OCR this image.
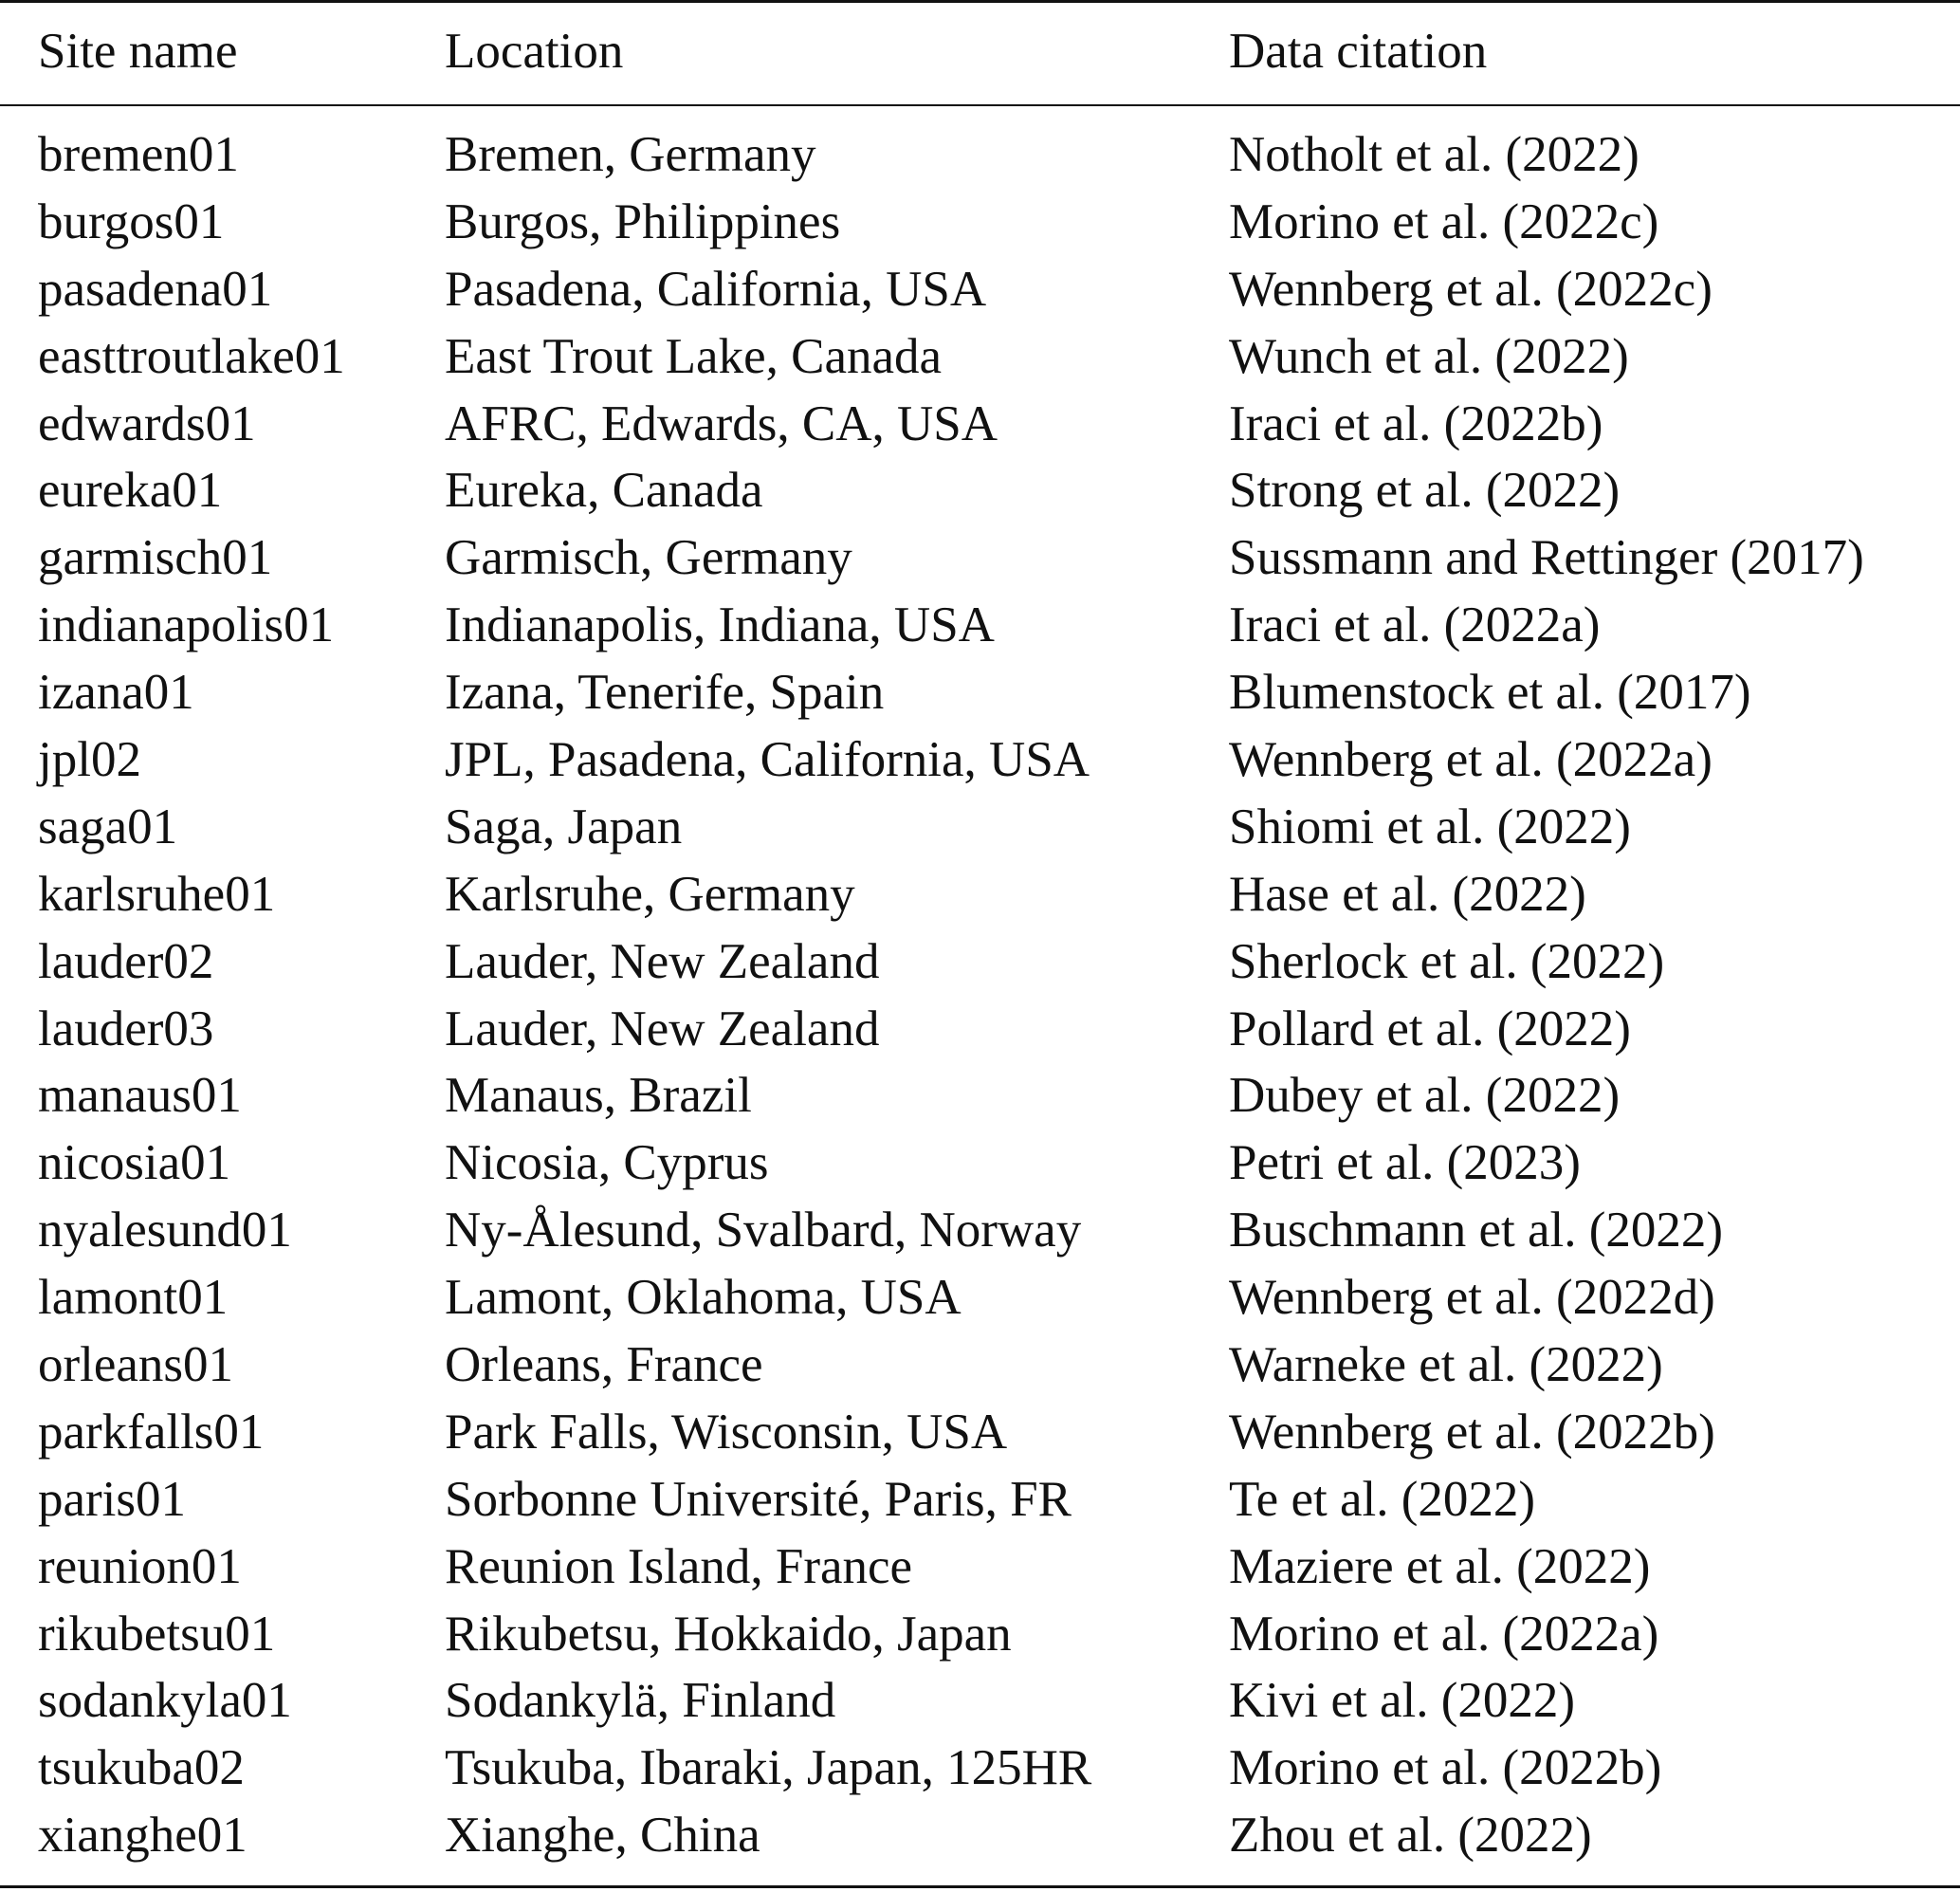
Site name	Location	Data citation
bremen01	Bremen, Germany	Notholt et al. (2022)
burgos01	Burgos, Philippines	Morino et al. (2022c)
pasadena01	Pasadena, California, USA	Wennberg et al. (2022c)
easttroutlake01	East Trout Lake, Canada	Wunch et al. (2022)
edwards01	AFRC, Edwards, CA, USA	Iraci et al. (2022b)
eureka01	Eureka, Canada	Strong et al. (2022)
garmisch01	Garmisch, Germany	Sussmann and Rettinger (2017)
indianapolis01	Indianapolis, Indiana, USA	Iraci et al. (2022a)
izana01	Izana, Tenerife, Spain	Blumenstock et al. (2017)
jpl02	JPL, Pasadena, California, USA	Wennberg et al. (2022a)
saga01	Saga, Japan	Shiomi et al. (2022)
karlsruhe01	Karlsruhe, Germany	Hase et al. (2022)
lauder02	Lauder, New Zealand	Sherlock et al. (2022)
lauder03	Lauder, New Zealand	Pollard et al. (2022)
manaus01	Manaus, Brazil	Dubey et al. (2022)
nicosia01	Nicosia, Cyprus	Petri et al. (2023)
nyalesund01	Ny-Ålesund, Svalbard, Norway	Buschmann et al. (2022)
lamont01	Lamont, Oklahoma, USA	Wennberg et al. (2022d)
orleans01	Orleans, France	Warneke et al. (2022)
parkfalls01	Park Falls, Wisconsin, USA	Wennberg et al. (2022b)
paris01	Sorbonne Université, Paris, FR	Te et al. (2022)
reunion01	Reunion Island, France	Maziere et al. (2022)
rikubetsu01	Rikubetsu, Hokkaido, Japan	Morino et al. (2022a)
sodankyla01	Sodankylä, Finland	Kivi et al. (2022)
tsukuba02	Tsukuba, Ibaraki, Japan, 125HR	Morino et al. (2022b)
xianghe01	Xianghe, China	Zhou et al. (2022)
